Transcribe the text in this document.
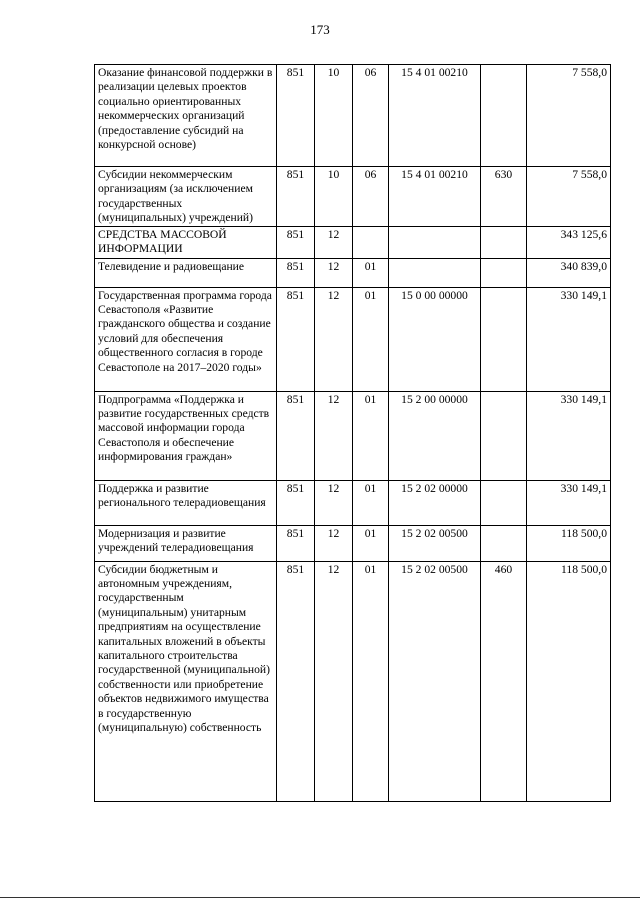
173
Оказание финансовой поддержки в реализации целевых проектов социально ориентированных некоммерческих организаций (предоставление субсидий на конкурсной основе)	851	10	06	15 4 01 00210		7 558,0
Субсидии некоммерческим организациям (за исключением государственных (муниципальных) учреждений)	851	10	06	15 4 01 00210	630	7 558,0
СРЕДСТВА МАССОВОЙ ИНФОРМАЦИИ	851	12				343 125,6
Телевидение и радиовещание	851	12	01			340 839,0
Государственная программа города Севастополя «Развитие гражданского общества и создание условий для обеспечения общественного согласия в городе Севастополе на 2017–2020 годы»	851	12	01	15 0 00 00000		330 149,1
Подпрограмма «Поддержка и развитие государственных средств массовой информации города Севастополя и обеспечение информирования граждан»	851	12	01	15 2 00 00000		330 149,1
Поддержка и развитие регионального телерадиовещания	851	12	01	15 2 02 00000		330 149,1
Модернизация и развитие учреждений телерадиовещания	851	12	01	15 2 02 00500		118 500,0
Субсидии бюджетным и автономным учреждениям, государственным (муниципальным) унитарным предприятиям на осуществление капитальных вложений в объекты капитального строительства государственной (муниципальной) собственности или приобретение объектов недвижимого имущества в государственную (муниципальную) собственность	851	12	01	15 2 02 00500	460	118 500,0
